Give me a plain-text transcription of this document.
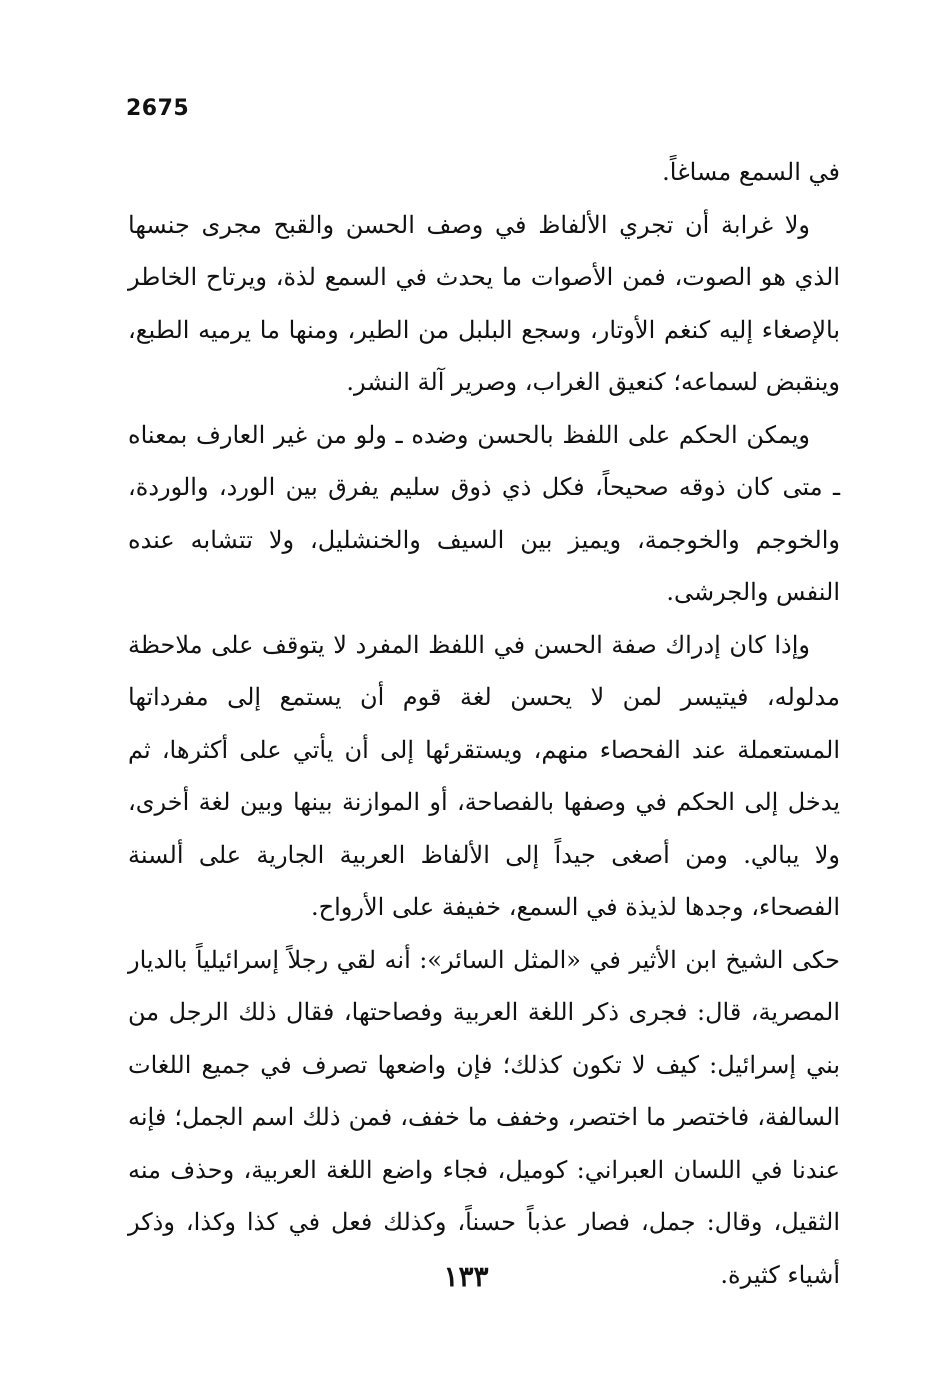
2675

في السمع مساغاً.

ولا غرابة أن تجري الألفاظ في وصف الحسن والقبح مجرى جنسها الذي هو الصوت، فمن الأصوات ما يحدث في السمع لذة، ويرتاح الخاطر بالإصغاء إليه كنغم الأوتار، وسجع البلبل من الطير، ومنها ما يرميه الطبع، وينقبض لسماعه؛ كنعيق الغراب، وصرير آلة النشر.

ويمكن الحكم على اللفظ بالحسن وضده ـ ولو من غير العارف بمعناه ـ متى كان ذوقه صحيحاً، فكل ذي ذوق سليم يفرق بين الورد، والوردة، والخوجم والخوجمة، ويميز بين السيف والخنشليل، ولا تتشابه عنده النفس والجرشى.

وإذا كان إدراك صفة الحسن في اللفظ المفرد لا يتوقف على ملاحظة مدلوله، فيتيسر لمن لا يحسن لغة قوم أن يستمع إلى مفرداتها المستعملة عند الفحصاء منهم، ويستقرئها إلى أن يأتي على أكثرها، ثم يدخل إلى الحكم في وصفها بالفصاحة، أو الموازنة بينها وبين لغة أخرى، ولا يبالي. ومن أصغى جيداً إلى الألفاظ العربية الجارية على ألسنة الفصحاء، وجدها لذيذة في السمع، خفيفة على الأرواح.

حكى الشيخ ابن الأثير في «المثل السائر»: أنه لقي رجلاً إسرائيلياً بالديار المصرية، قال: فجرى ذكر اللغة العربية وفصاحتها، فقال ذلك الرجل من بني إسرائيل: كيف لا تكون كذلك؛ فإن واضعها تصرف في جميع اللغات السالفة، فاختصر ما اختصر، وخفف ما خفف، فمن ذلك اسم الجمل؛ فإنه عندنا في اللسان العبراني: كوميل، فجاء واضع اللغة العربية، وحذف منه الثقيل، وقال: جمل، فصار عذباً حسناً، وكذلك فعل في كذا وكذا، وذكر أشياء كثيرة.

١٣٣
